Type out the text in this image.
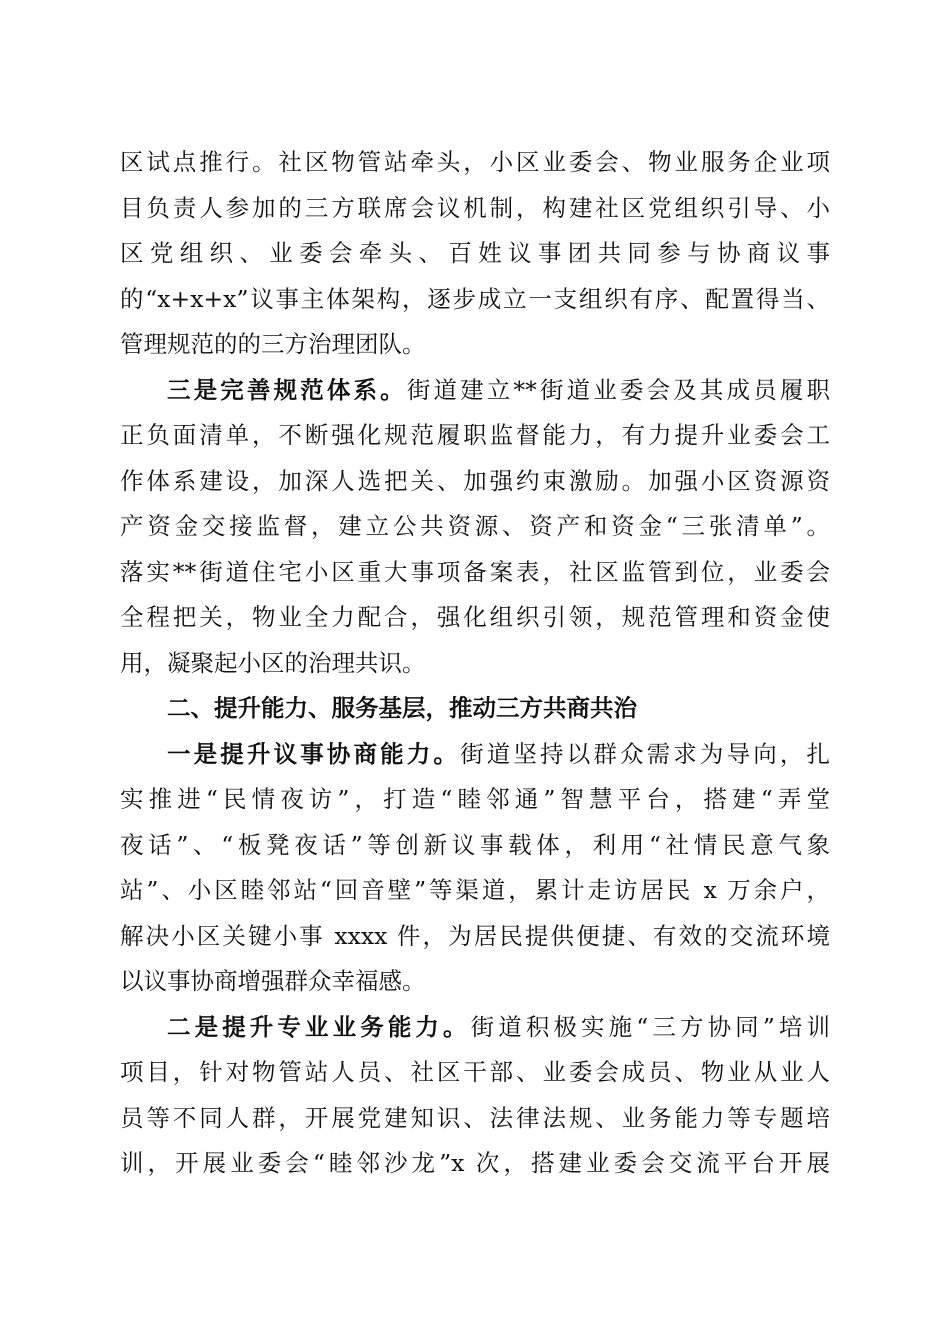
区试点推行。社区物管站牵头，小区业委会、物业服务企业项

目负责人参加的三方联席会议机制，构建社区党组织引导、小

区党组织、业委会牵头、百姓议事团共同参与协商议事

的“x+x+x”议事主体架构，逐步成立一支组织有序、配置得当、

管理规范的的三方治理团队。

三是完善规范体系。街道建立**街道业委会及其成员履职

正负面清单，不断强化规范履职监督能力，有力提升业委会工

作体系建设，加深人选把关、加强约束激励。加强小区资源资

产资金交接监督，建立公共资源、资产和资金“三张清单”。

落实**街道住宅小区重大事项备案表，社区监管到位，业委会

全程把关，物业全力配合，强化组织引领，规范管理和资金使

用，凝聚起小区的治理共识。

二、提升能力、服务基层，推动三方共商共治

一是提升议事协商能力。街道坚持以群众需求为导向，扎

实推进“民情夜访”，打造“睦邻通”智慧平台，搭建“弄堂

夜话”、“板凳夜话”等创新议事载体，利用“社情民意气象

站”、小区睦邻站“回音壁”等渠道，累计走访居民 x 万余户，

解决小区关键小事 xxxx 件，为居民提供便捷、有效的交流环境

以议事协商增强群众幸福感。

二是提升专业业务能力。街道积极实施“三方协同”培训

项目，针对物管站人员、社区干部、业委会成员、物业从业人

员等不同人群，开展党建知识、法律法规、业务能力等专题培

训，开展业委会“睦邻沙龙”x 次，搭建业委会交流平台开展
